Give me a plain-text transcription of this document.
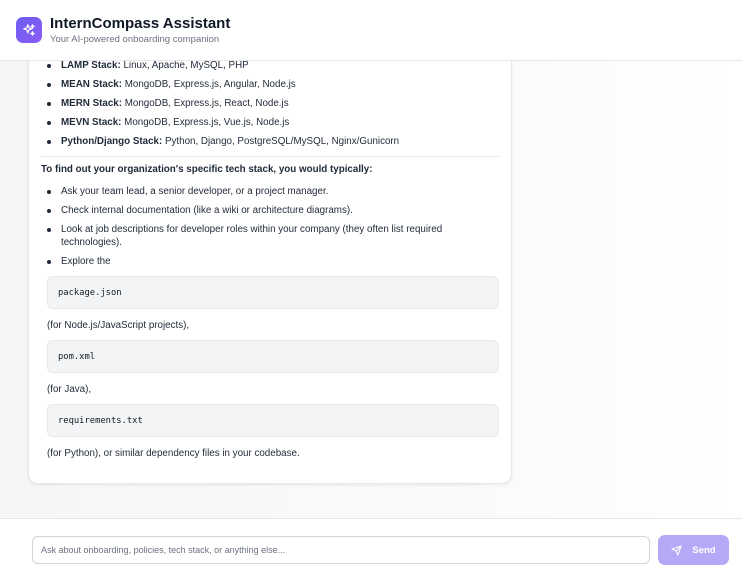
InternCompass Assistant
Your AI-powered onboarding companion
LAMP Stack: Linux, Apache, MySQL, PHP
MEAN Stack: MongoDB, Express.js, Angular, Node.js
MERN Stack: MongoDB, Express.js, React, Node.js
MEVN Stack: MongoDB, Express.js, Vue.js, Node.js
Python/Django Stack: Python, Django, PostgreSQL/MySQL, Nginx/Gunicorn
To find out your organization's specific tech stack, you would typically:
Ask your team lead, a senior developer, or a project manager.
Check internal documentation (like a wiki or architecture diagrams).
Look at job descriptions for developer roles within your company (they often list required technologies).
Explore the
package.json
(for Node.js/JavaScript projects),
pom.xml
(for Java),
requirements.txt
(for Python), or similar dependency files in your codebase.
Ask about onboarding, policies, tech stack, or anything else...
Send
